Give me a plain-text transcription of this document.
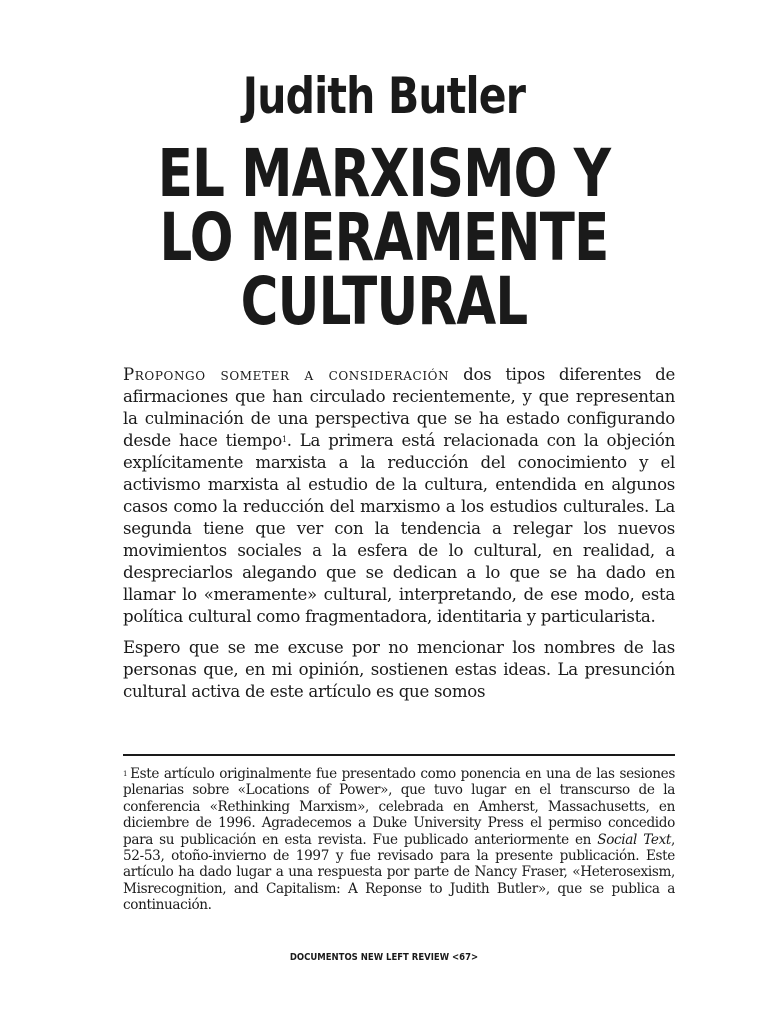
Judith Butler
EL MARXISMO Y
LO MERAMENTE
CULTURAL

Propongo someter a consideración dos tipos diferentes de afirmaciones que han circulado recientemente, y que representan la culminación de una perspectiva que se ha estado configurando desde hace tiempo$^1$. La primera está relacionada con la objeción explícitamente marxista a la reducción del conocimiento y el activismo marxista al estudio de la cultura, entendida en algunos casos como la reducción del marxismo a los estudios culturales. La segunda tiene que ver con la tendencia a relegar los nuevos movimientos sociales a la esfera de lo cultural, en realidad, a despreciarlos alegando que se dedican a lo que se ha dado en llamar lo «meramente» cultural, interpretando, de ese modo, esta política cultural como fragmentadora, identitaria y particularista.

Espero que se me excuse por no mencionar los nombres de las personas que, en mi opinión, sostienen estas ideas. La presunción cultural activa de este artículo es que somos

$^1$ Este artículo originalmente fue presentado como ponencia en una de las sesiones plenarias sobre «Locations of Power», que tuvo lugar en el transcurso de la conferencia «Rethinking Marxism», celebrada en Amherst, Massachusetts, en diciembre de 1996. Agradecemos a Duke University Press el permiso concedido para su publicación en esta revista. Fue publicado anteriormente en Social Text, 52-53, otoño-invierno de 1997 y fue revisado para la presente publicación. Este artículo ha dado lugar a una respuesta por parte de Nancy Fraser, «Heterosexism, Misrecognition, and Capitalism: A Reponse to Judith Butler», que se publica a continuación.
DOCUMENTOS NEW LEFT REVIEW <67>
